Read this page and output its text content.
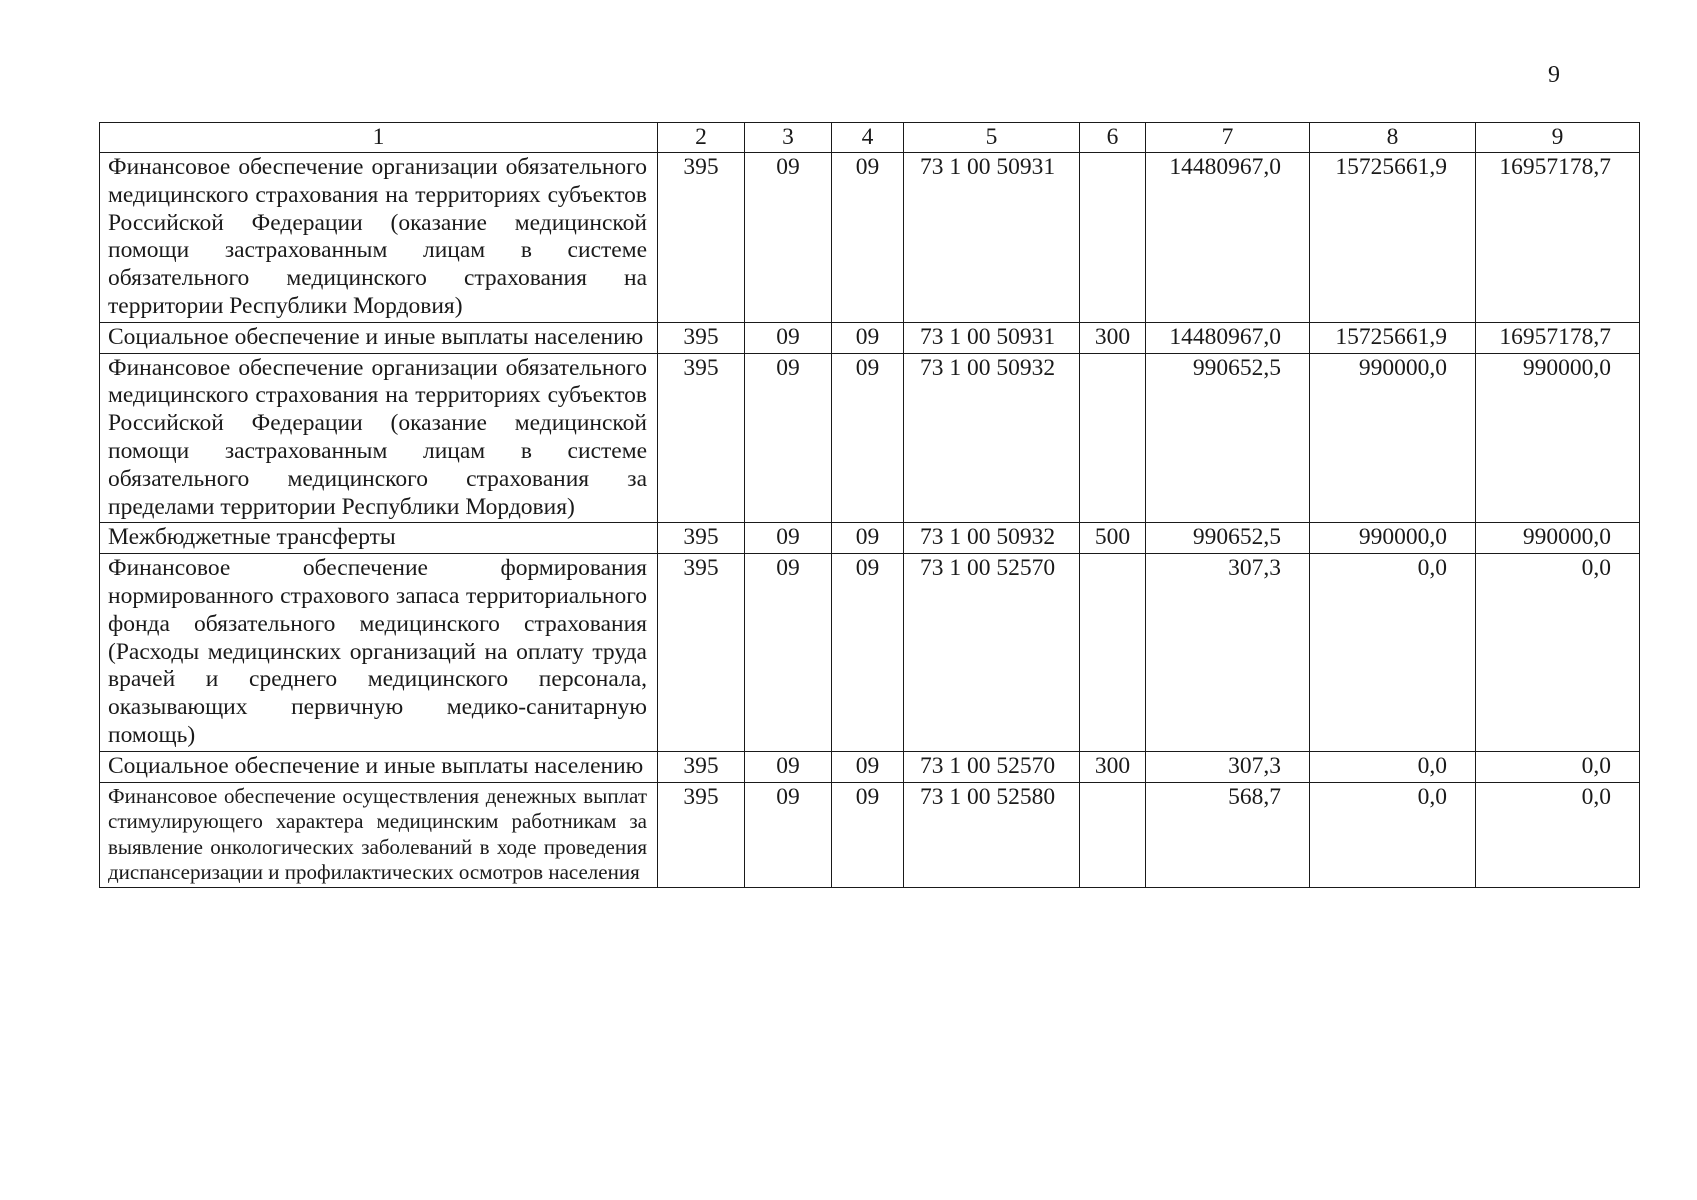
9
1	2	3	4	5	6	7	8	9
Финансовое обеспечение организации обязательного медицинского страхования на территориях субъектов Российской Федерации (оказание медицинской помощи застрахованным лицам в системе обязательного медицинского страхования на территории Республики Мордовия)	395	09	09	73 1 00 50931		14480967,0	15725661,9	16957178,7
Социальное обеспечение и иные выплаты населению	395	09	09	73 1 00 50931	300	14480967,0	15725661,9	16957178,7
Финансовое обеспечение организации обязательного медицинского страхования на территориях субъектов Российской Федерации (оказание медицинской помощи застрахованным лицам в системе обязательного медицинского страхования за пределами территории Республики Мордовия)	395	09	09	73 1 00 50932		990652,5	990000,0	990000,0
Межбюджетные трансферты	395	09	09	73 1 00 50932	500	990652,5	990000,0	990000,0
Финансовое обеспечение формирования нормированного страхового запаса территориального фонда обязательного медицинского страхования (Расходы медицинских организаций на оплату труда врачей и среднего медицинского персонала, оказывающих первичную медико-санитарную помощь)	395	09	09	73 1 00 52570		307,3	0,0	0,0
Социальное обеспечение и иные выплаты населению	395	09	09	73 1 00 52570	300	307,3	0,0	0,0
Финансовое обеспечение осуществления денежных выплат стимулирующего характера медицинским работникам за выявление онкологических заболеваний в ходе проведения диспансеризации и профилактических осмотров населения	395	09	09	73 1 00 52580		568,7	0,0	0,0
